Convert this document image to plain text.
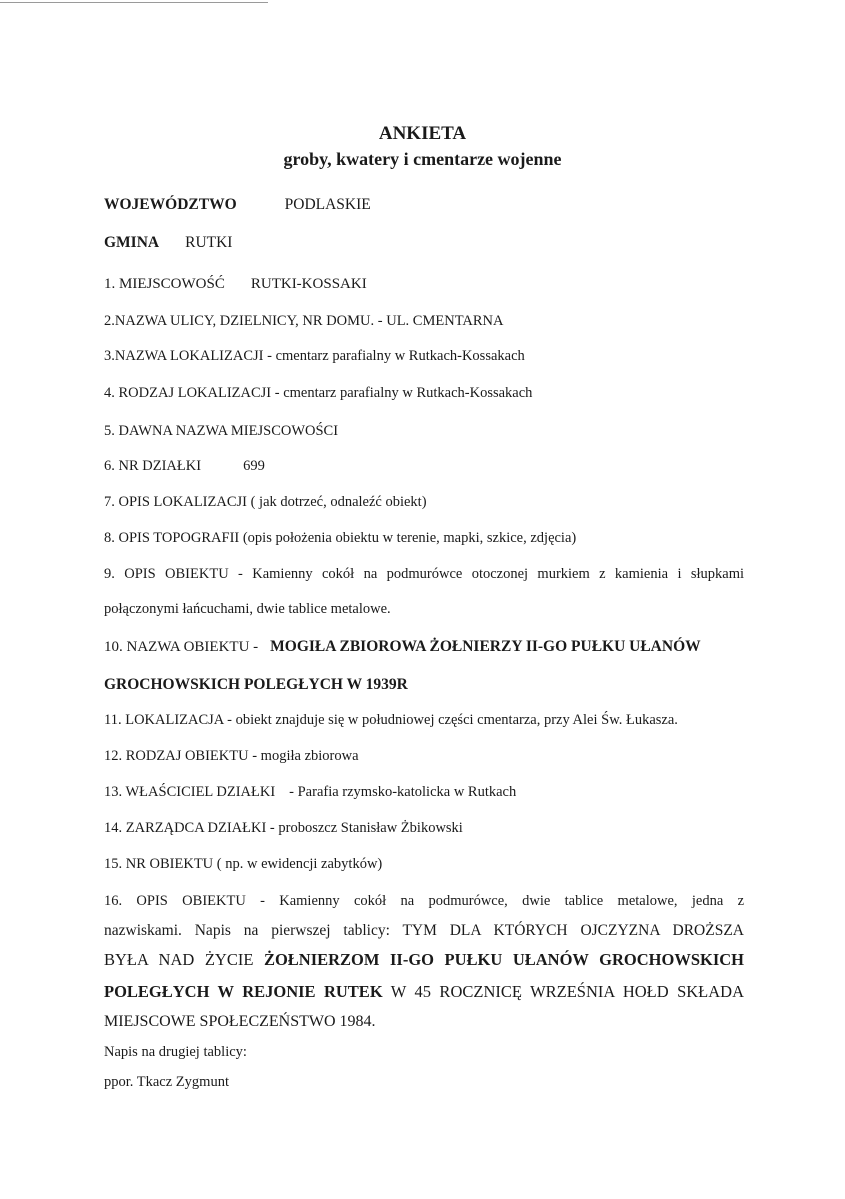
ANKIETA
groby, kwatery i cmentarze wojenne
WOJEWÓDZTWO	PODLASKIE
GMINA RUTKI
1. MIEJSCOWOŚĆ RUTKI-KOSSAKI
2.NAZWA ULICY, DZIELNICY, NR DOMU. - UL. CMENTARNA
3.NAZWA LOKALIZACJI - cmentarz parafialny w Rutkach-Kossakach
4. RODZAJ LOKALIZACJI - cmentarz parafialny w Rutkach-Kossakach
5. DAWNA NAZWA MIEJSCOWOŚCI
6. NR DZIAŁKI	699
7. OPIS LOKALIZACJI ( jak dotrzeć, odnaleźć obiekt)
8. OPIS TOPOGRAFII (opis położenia obiektu w terenie, mapki, szkice, zdjęcia)
9. OPIS OBIEKTU - Kamienny cokół na podmurówce otoczonej murkiem z kamienia i słupkami
połączonymi łańcuchami, dwie tablice metalowe.
10. NAZWA OBIEKTU - MOGIŁA ZBIOROWA ŻOŁNIERZY II-GO PUŁKU UŁANÓW
GROCHOWSKICH POLEGŁYCH W 1939R
11. LOKALIZACJA - obiekt znajduje się w południowej części cmentarza, przy Alei Św. Łukasza.
12. RODZAJ OBIEKTU - mogiła zbiorowa
13. WŁAŚCICIEL DZIAŁKI - Parafia rzymsko-katolicka w Rutkach
14. ZARZĄDCA DZIAŁKI - proboszcz Stanisław Żbikowski
15. NR OBIEKTU ( np. w ewidencji zabytków)
16. OPIS OBIEKTU - Kamienny cokół na podmurówce, dwie tablice metalowe, jedna z
nazwiskami. Napis na pierwszej tablicy: TYM DLA KTÓRYCH OJCZYZNA DROŻSZA
BYŁA NAD ŻYCIE ŻOŁNIERZOM II-GO PUŁKU UŁANÓW GROCHOWSKICH
POLEGŁYCH W REJONIE RUTEK W 45 ROCZNICĘ WRZEŚNIA HOŁD SKŁADA
MIEJSCOWE SPOŁECZEŃSTWO 1984.
Napis na drugiej tablicy:
ppor. Tkacz Zygmunt
